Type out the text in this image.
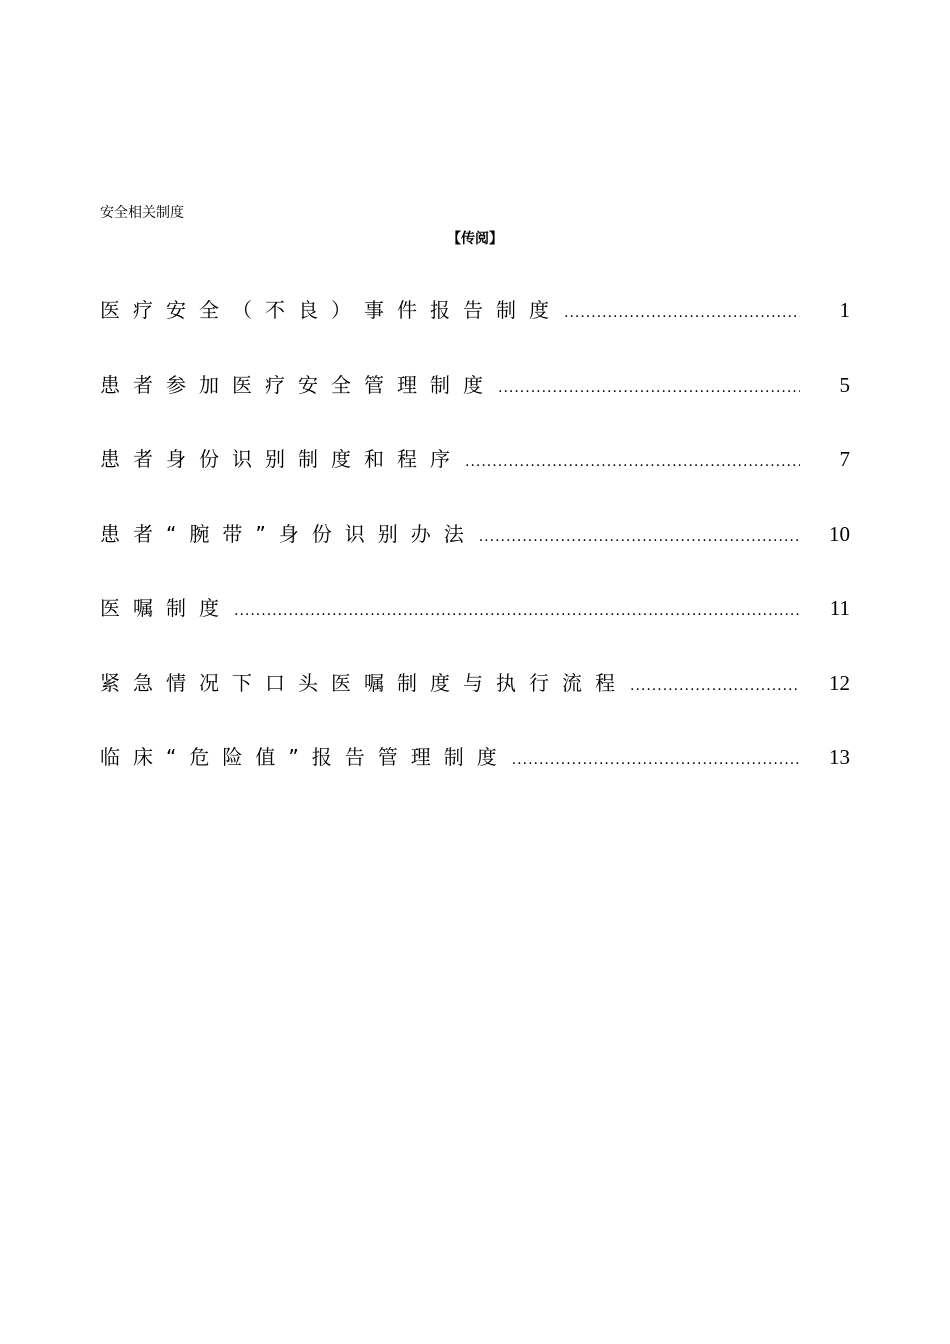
安全相关制度
【传阅】
医疗安全（不良）事件报告制度 .....	1
患者参加医疗安全管理制度 .....	5
患者身份识别制度和程序 .....	7
患者“腕带”身份识别办法 .....	10
医嘱制度 .....	11
紧急情况下口头医嘱制度与执行流程 .....	12
临床“危险值”报告管理制度 .....	13
